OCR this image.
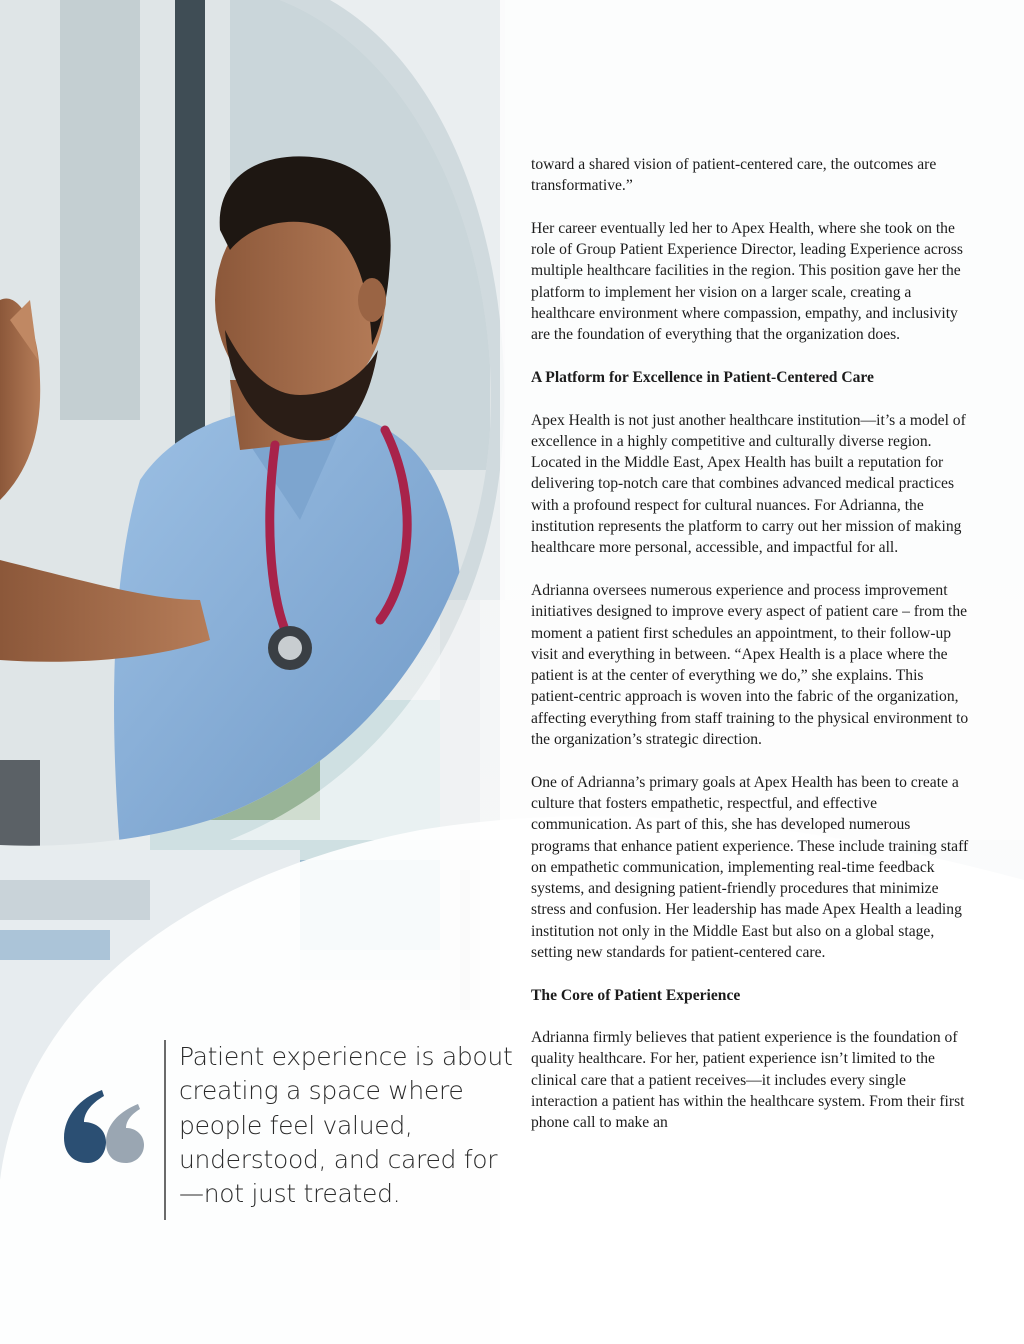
toward a shared vision of patient-centered care, the outcomes are transformative.”

Her career eventually led her to Apex Health, where she took on the role of Group Patient Experience Director, leading Experience across multiple healthcare facilities in the region. This position gave her the platform to implement her vision on a larger scale, creating a healthcare environment where compassion, empathy, and inclusivity are the foundation of everything that the organization does.

A Platform for Excellence in Patient-Centered Care

Apex Health is not just another healthcare institution—it’s a model of excellence in a highly competitive and culturally diverse region. Located in the Middle East, Apex Health has built a reputation for delivering top-notch care that combines advanced medical practices with a profound respect for cultural nuances. For Adrianna, the institution represents the platform to carry out her mission of making healthcare more personal, accessible, and impactful for all.

Adrianna oversees numerous experience and process improvement initiatives designed to improve every aspect of patient care – from the moment a patient first schedules an appointment, to their follow-up visit and everything in between. “Apex Health is a place where the patient is at the center of everything we do,” she explains. This patient-centric approach is woven into the fabric of the organization, affecting everything from staff training to the physical environment to the organization’s strategic direction.

One of Adrianna’s primary goals at Apex Health has been to create a culture that fosters empathetic, respectful, and effective communication. As part of this, she has developed numerous programs that enhance patient experience. These include training staff on empathetic communication, implementing real-time feedback systems, and designing patient-friendly procedures that minimize stress and confusion. Her leadership has made Apex Health a leading institution not only in the Middle East but also on a global stage, setting new standards for patient-centered care.

The Core of Patient Experience

Adrianna firmly believes that patient experience is the foundation of quality healthcare. For her, patient experience isn’t limited to the clinical care that a patient receives—it includes every single interaction a patient has within the healthcare system. From their first phone call to make an

Patient experience is about creating a space where people feel valued, understood, and cared for—not just treated.
